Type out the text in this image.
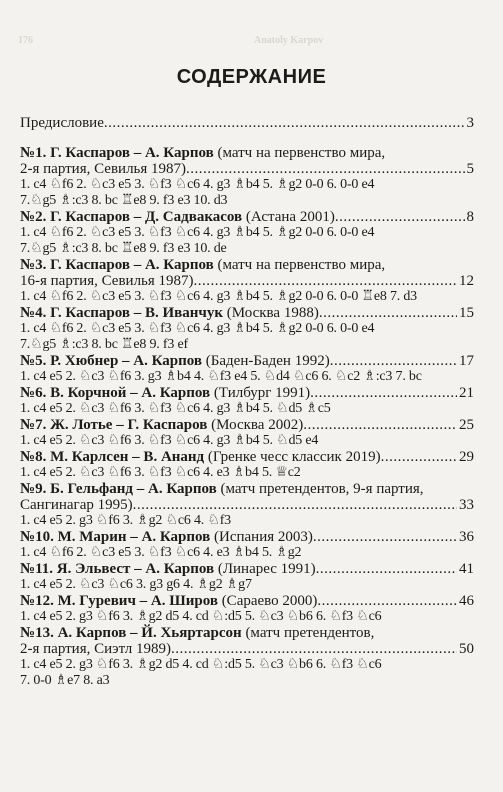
176	Anatoly Karpov
СОДЕРЖАНИЕ
Предисловие .....	3
№1. Г. Каспаров – А. Карпов (матч на первенство мира,
2-я партия, Севилья 1987) .....	5
1. c4 ♘f6 2. ♘c3 e5 3. ♘f3 ♘c6 4. g3 ♗b4 5. ♗g2 0-0 6. 0-0 e4
7.♘g5 ♗:c3 8. bc ♖e8 9. f3 e3 10. d3
№2. Г. Каспаров – Д. Садвакасов (Астана 2001) .....	8
1. c4 ♘f6 2. ♘c3 e5 3. ♘f3 ♘c6 4. g3 ♗b4 5. ♗g2 0-0 6. 0-0 e4
7.♘g5 ♗:c3 8. bc ♖e8 9. f3 e3 10. de
№3. Г. Каспаров – А. Карпов (матч на первенство мира,
16-я партия, Севилья 1987) .....	12
1. c4 ♘f6 2. ♘c3 e5 3. ♘f3 ♘c6 4. g3 ♗b4 5. ♗g2 0-0 6. 0-0 ♖e8 7. d3
№4. Г. Каспаров – В. Иванчук (Москва 1988) .....	15
1. c4 ♘f6 2. ♘c3 e5 3. ♘f3 ♘c6 4. g3 ♗b4 5. ♗g2 0-0 6. 0-0 e4
7.♘g5 ♗:c3 8. bc ♖e8 9. f3 ef
№5. Р. Хюбнер – А. Карпов (Баден-Баден 1992) .....	17
1. c4 e5 2. ♘c3 ♘f6 3. g3 ♗b4 4. ♘f3 e4 5. ♘d4 ♘c6 6. ♘c2 ♗:c3 7. bc
№6. В. Корчной – А. Карпов (Тилбург 1991) .....	21
1. c4 e5 2. ♘c3 ♘f6 3. ♘f3 ♘c6 4. g3 ♗b4 5. ♘d5 ♗c5
№7. Ж. Лотье – Г. Каспаров (Москва 2002) .....	25
1. c4 e5 2. ♘c3 ♘f6 3. ♘f3 ♘c6 4. g3 ♗b4 5. ♘d5 e4
№8. М. Карлсен – В. Ананд (Гренке чесс классик 2019) .....	29
1. c4 e5 2. ♘c3 ♘f6 3. ♘f3 ♘c6 4. e3 ♗b4 5. ♕c2
№9. Б. Гельфанд – А. Карпов (матч претендентов, 9-я партия,
Сангинагар 1995) .....	33
1. c4 e5 2. g3 ♘f6 3. ♗g2 ♘c6 4. ♘f3
№10. М. Марин – А. Карпов (Испания 2003) .....	36
1. c4 ♘f6 2. ♘c3 e5 3. ♘f3 ♘c6 4. e3 ♗b4 5. ♗g2
№11. Я. Эльвест – А. Карпов (Линарес 1991) .....	41
1. c4 e5 2. ♘c3 ♘c6 3. g3 g6 4. ♗g2 ♗g7
№12. М. Гуревич – А. Широв (Сараево 2000) .....	46
1. c4 e5 2. g3 ♘f6 3. ♗g2 d5 4. cd ♘:d5 5. ♘c3 ♘b6 6. ♘f3 ♘c6
№13. А. Карпов – Й. Хьяртарсон (матч претендентов,
2-я партия, Сиэтл 1989) .....	50
1. c4 e5 2. g3 ♘f6 3. ♗g2 d5 4. cd ♘:d5 5. ♘c3 ♘b6 6. ♘f3 ♘c6
7. 0-0 ♗e7 8. a3
